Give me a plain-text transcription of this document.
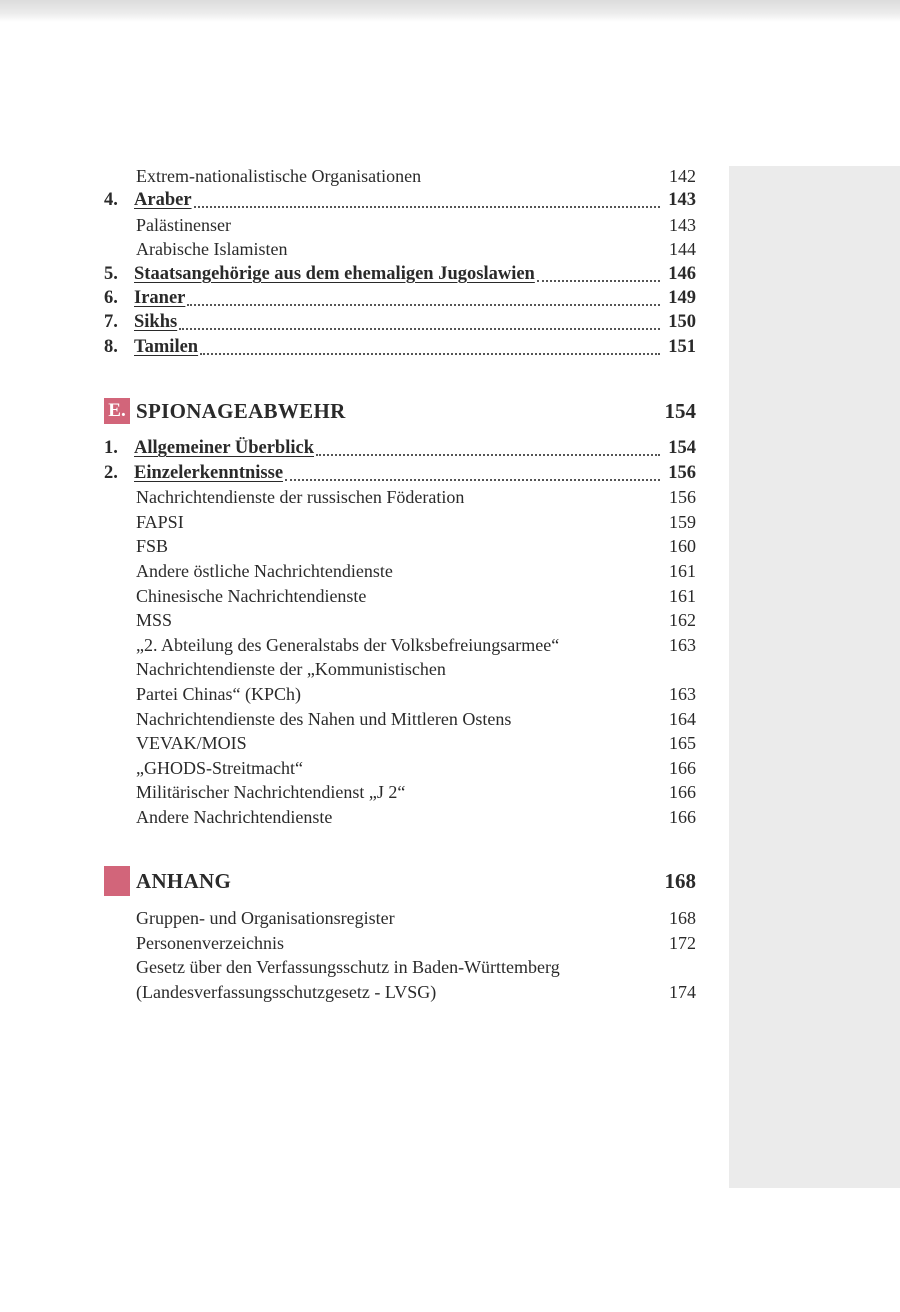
Extrem-nationalistische Organisationen	142
4. Araber	143
Palästinenser	143
Arabische Islamisten	144
5. Staatsangehörige aus dem ehemaligen Jugoslawien	146
6. Iraner	149
7. Sikhs	150
8. Tamilen	151
E. SPIONAGEABWEHR	154
1. Allgemeiner Überblick	154
2. Einzelerkenntnisse	156
Nachrichtendienste der russischen Föderation	156
FAPSI	159
FSB	160
Andere östliche Nachrichtendienste	161
Chinesische Nachrichtendienste	161
MSS	162
„2. Abteilung des Generalstabs der Volksbefreiungsarmee“	163
Nachrichtendienste der „Kommunistischen
Partei Chinas“ (KPCh)	163
Nachrichtendienste des Nahen und Mittleren Ostens	164
VEVAK/MOIS	165
„GHODS-Streitmacht“	166
Militärischer Nachrichtendienst „J 2“	166
Andere Nachrichtendienste	166
ANHANG	168
Gruppen- und Organisationsregister	168
Personenverzeichnis	172
Gesetz über den Verfassungsschutz in Baden-Württemberg
(Landesverfassungsschutzgesetz - LVSG)	174
